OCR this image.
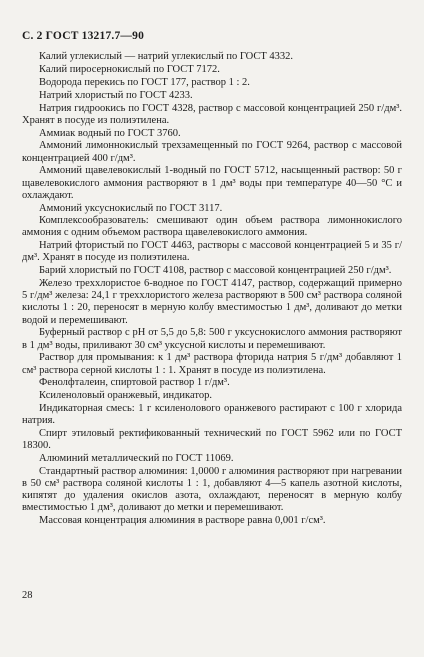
С. 2 ГОСТ 13217.7—90

Калий углекислый — натрий углекислый по ГОСТ 4332.

Калий пиросернокислый по ГОСТ 7172.

Водорода перекись по ГОСТ 177, раствор 1 : 2.

Натрий хлористый по ГОСТ 4233.

Натрия гидроокись по ГОСТ 4328, раствор с массовой концентрацией 250 г/дм³. Хранят в посуде из полиэтилена.

Аммиак водный по ГОСТ 3760.

Аммоний лимоннокислый трехзамещенный по ГОСТ 9264, раствор с массовой концентрацией 400 г/дм³.

Аммоний щавелевокислый 1-водный по ГОСТ 5712, насыщенный раствор: 50 г щавелевокислого аммония растворяют в 1 дм³ воды при температуре 40—50 °С и охлаждают.

Аммоний уксуснокислый по ГОСТ 3117.

Комплексообразователь: смешивают один объем раствора лимоннокислого аммония с одним объемом раствора щавелевокислого аммония.

Натрий фтористый по ГОСТ 4463, растворы с массовой концентрацией 5 и 35 г/дм³. Хранят в посуде из полиэтилена.

Барий хлористый по ГОСТ 4108, раствор с массовой концентрацией 250 г/дм³.

Железо треххлористое 6-водное по ГОСТ 4147, раствор, содержащий примерно 5 г/дм³ железа: 24,1 г треххлористого железа растворяют в 500 см³ раствора соляной кислоты 1 : 20, переносят в мерную колбу вместимостью 1 дм³, доливают до метки водой и перемешивают.

Буферный раствор с pH от 5,5 до 5,8: 500 г уксуснокислого аммония растворяют в 1 дм³ воды, приливают 30 см³ уксусной кислоты и перемешивают.

Раствор для промывания: к 1 дм³ раствора фторида натрия 5 г/дм³ добавляют 1 см³ раствора серной кислоты 1 : 1. Хранят в посуде из полиэтилена.

Фенолфталеин, спиртовой раствор 1 г/дм³.

Ксиленоловый оранжевый, индикатор.

Индикаторная смесь: 1 г ксиленолового оранжевого растирают с 100 г хлорида натрия.

Спирт этиловый ректификованный технический по ГОСТ 5962 или по ГОСТ 18300.

Алюминий металлический по ГОСТ 11069.

Стандартный раствор алюминия: 1,0000 г алюминия растворяют при нагревании в 50 см³ раствора соляной кислоты 1 : 1, добавляют 4—5 капель азотной кислоты, кипятят до удаления окислов азота, охлаждают, переносят в мерную колбу вместимостью 1 дм³, доливают до метки и перемешивают.

Массовая концентрация алюминия в растворе равна 0,001 г/см³.

28
